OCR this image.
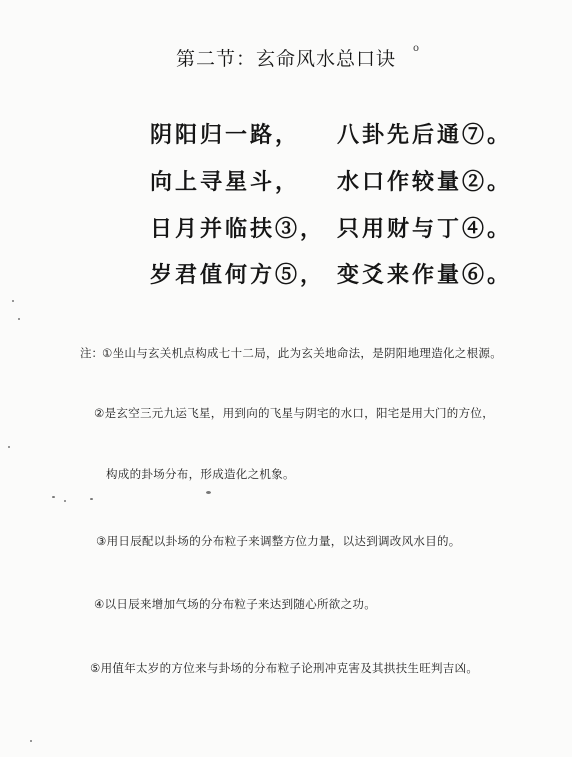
第二节：玄命风水总口诀	o
阴阳归一路， 八卦先后通⑦。
向上寻星斗， 水口作较量②。
日月并临扶③， 只用财与丁④。
岁君值何方⑤， 变爻来作量⑥。
注： ①坐山与玄关机点构成七十二局，此为玄关地命法，是阴阳地理造化之根源。
②是玄空三元九运飞星，用到向的飞星与阴宅的水口，阳宅是用大门的方位，
构成的卦场分布，形成造化之机象。
③用日辰配以卦场的分布粒子来调整方位力量，以达到调改风水目的。
④以日辰来增加气场的分布粒子来达到随心所欲之功。
⑤用值年太岁的方位来与卦场的分布粒子论刑冲克害及其拱扶生旺判吉凶。
